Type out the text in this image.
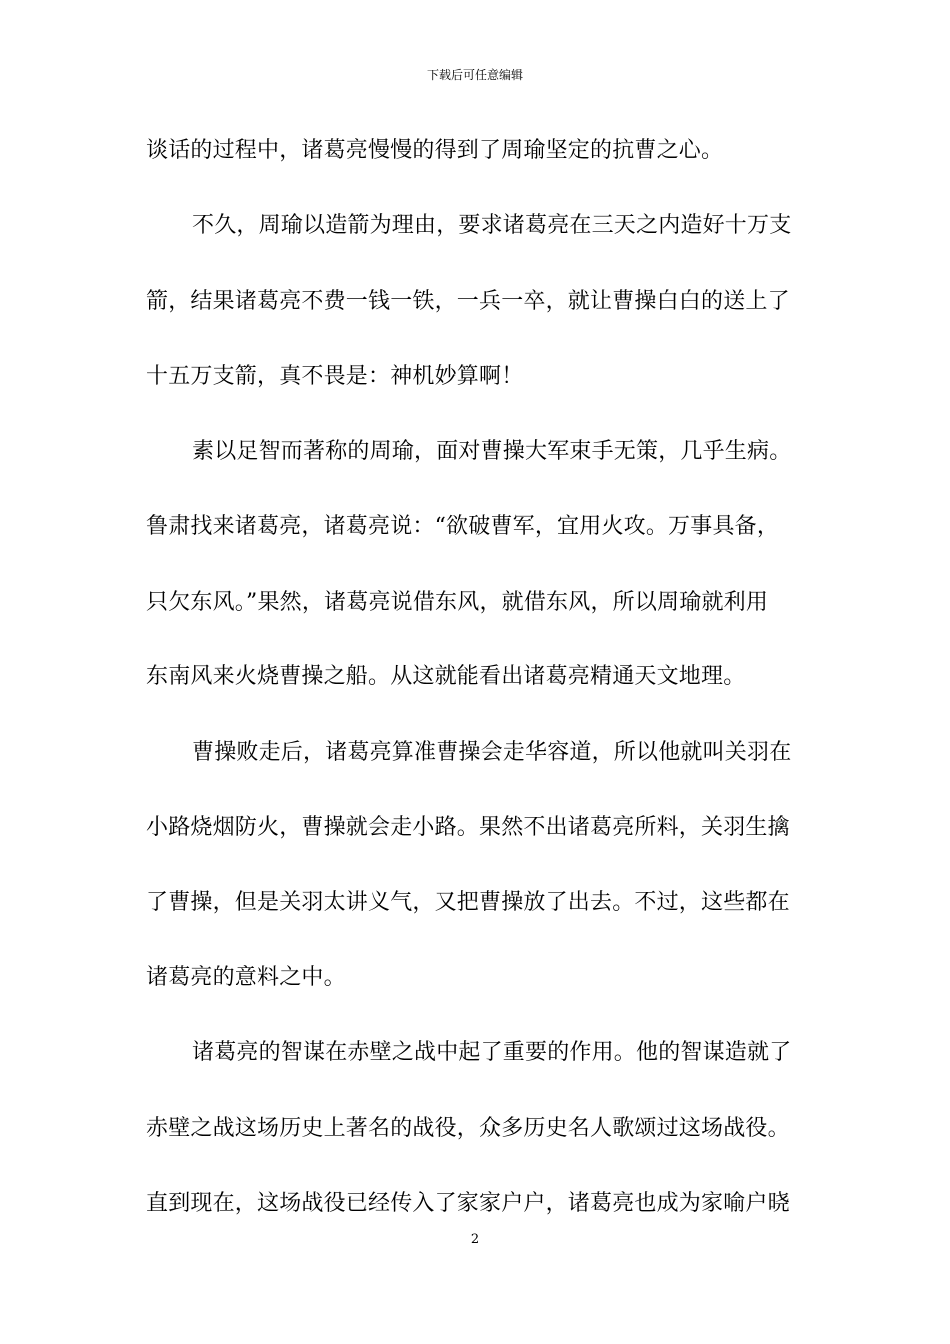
下载后可任意编辑
谈话的过程中，诸葛亮慢慢的得到了周瑜坚定的抗曹之心。
不久，周瑜以造箭为理由，要求诸葛亮在三天之内造好十万支
箭，结果诸葛亮不费一钱一铁，一兵一卒，就让曹操白白的送上了
十五万支箭，真不畏是：神机妙算啊！
素以足智而著称的周瑜，面对曹操大军束手无策，几乎生病。
鲁肃找来诸葛亮，诸葛亮说：“欲破曹军，宜用火攻。万事具备，
只欠东风。”果然，诸葛亮说借东风，就借东风，所以周瑜就利用
东南风来火烧曹操之船。从这就能看出诸葛亮精通天文地理。
曹操败走后，诸葛亮算准曹操会走华容道，所以他就叫关羽在
小路烧烟防火，曹操就会走小路。果然不出诸葛亮所料，关羽生擒
了曹操，但是关羽太讲义气，又把曹操放了出去。不过，这些都在
诸葛亮的意料之中。
诸葛亮的智谋在赤壁之战中起了重要的作用。他的智谋造就了
赤壁之战这场历史上著名的战役，众多历史名人歌颂过这场战役。
直到现在，这场战役已经传入了家家户户，诸葛亮也成为家喻户晓
2
